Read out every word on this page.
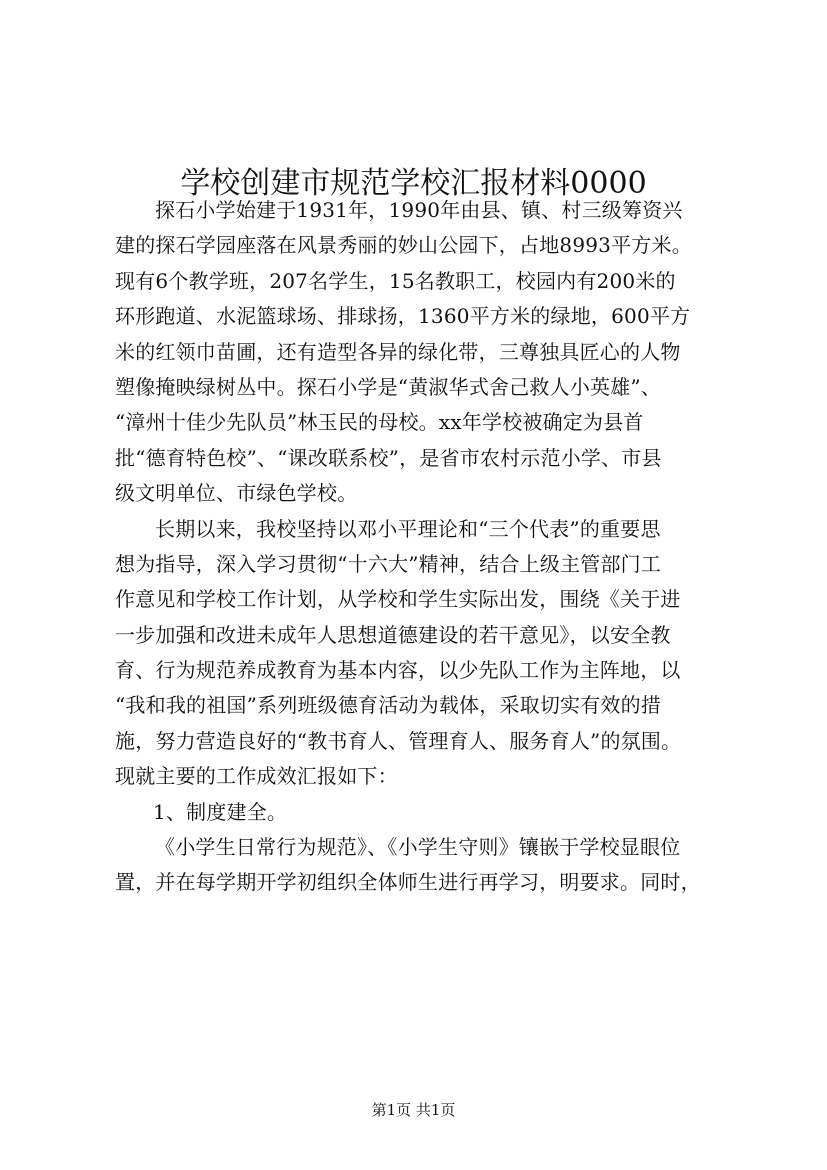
学校创建市规范学校汇报材料0000
探石小学始建于1931年，1990年由县、镇、村三级筹资兴
建的探石学园座落在风景秀丽的妙山公园下，占地8993平方米。
现有6个教学班，207名学生，15名教职工，校园内有200米的
环形跑道、水泥篮球场、排球扬，1360平方米的绿地，600平方
米的红领巾苗圃，还有造型各异的绿化带，三尊独具匠心的人物
塑像掩映绿树丛中。探石小学是“黄淑华式舍己救人小英雄”、
“漳州十佳少先队员”林玉民的母校。xx年学校被确定为县首
批“德育特色校”、“课改联系校”，是省市农村示范小学、市县
级文明单位、市绿色学校。
长期以来，我校坚持以邓小平理论和“三个代表”的重要思
想为指导，深入学习贯彻“十六大”精神，结合上级主管部门工
作意见和学校工作计划，从学校和学生实际出发，围绕《关于进
一步加强和改进未成年人思想道德建设的若干意见》，以安全教
育、行为规范养成教育为基本内容，以少先队工作为主阵地，以
“我和我的祖国”系列班级德育活动为载体，采取切实有效的措
施，努力营造良好的“教书育人、管理育人、服务育人”的氛围。
现就主要的工作成效汇报如下：
1、制度建全。
《小学生日常行为规范》、《小学生守则》镶嵌于学校显眼位
置，并在每学期开学初组织全体师生进行再学习，明要求。同时，
第1页 共1页
